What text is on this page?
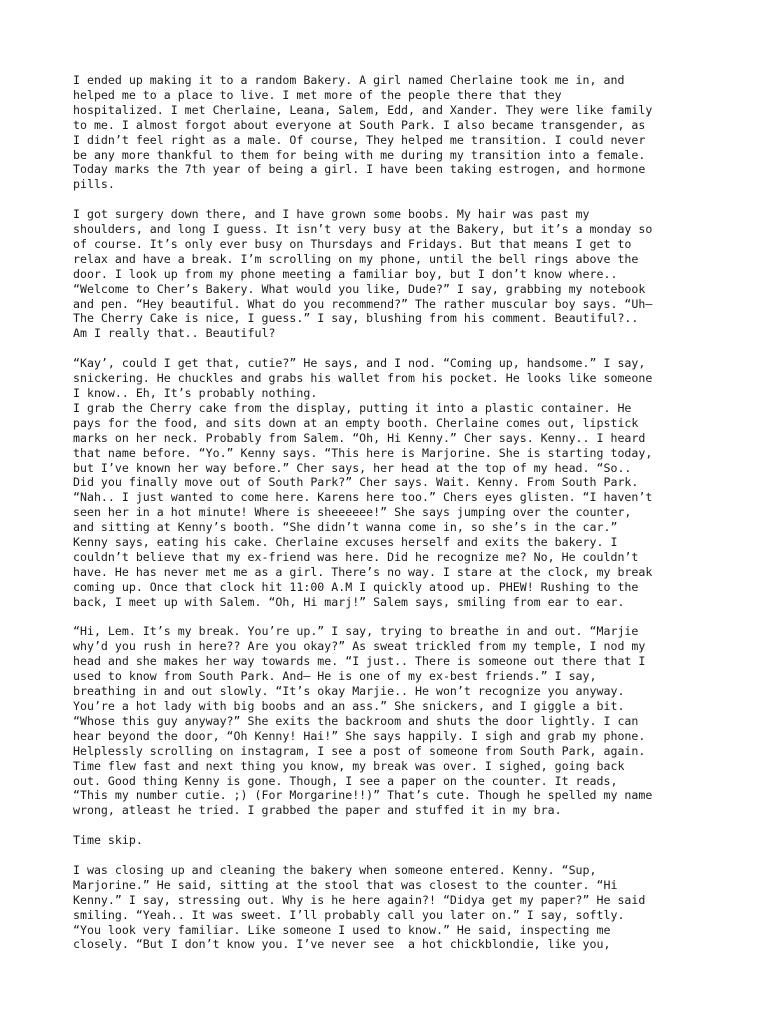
I ended up making it to a random Bakery. A girl named Cherlaine took me in, and
helped me to a place to live. I met more of the people there that they
hospitalized. I met Cherlaine, Leana, Salem, Edd, and Xander. They were like family
to me. I almost forgot about everyone at South Park. I also became transgender, as
I didn’t feel right as a male. Of course, They helped me transition. I could never
be any more thankful to them for being with me during my transition into a female.
Today marks the 7th year of being a girl. I have been taking estrogen, and hormone
pills.
I got surgery down there, and I have grown some boobs. My hair was past my
shoulders, and long I guess. It isn’t very busy at the Bakery, but it’s a monday so
of course. It’s only ever busy on Thursdays and Fridays. But that means I get to
relax and have a break. I’m scrolling on my phone, until the bell rings above the
door. I look up from my phone meeting a familiar boy, but I don’t know where..
“Welcome to Cher’s Bakery. What would you like, Dude?” I say, grabbing my notebook
and pen. “Hey beautiful. What do you recommend?” The rather muscular boy says. “Uh—
The Cherry Cake is nice, I guess.” I say, blushing from his comment. Beautiful?..
Am I really that.. Beautiful?
“Kay’, could I get that, cutie?” He says, and I nod. “Coming up, handsome.” I say,
snickering. He chuckles and grabs his wallet from his pocket. He looks like someone
I know.. Eh, It’s probably nothing.
I grab the Cherry cake from the display, putting it into a plastic container. He
pays for the food, and sits down at an empty booth. Cherlaine comes out, lipstick
marks on her neck. Probably from Salem. “Oh, Hi Kenny.” Cher says. Kenny.. I heard
that name before. “Yo.” Kenny says. “This here is Marjorine. She is starting today,
but I’ve known her way before.” Cher says, her head at the top of my head. “So..
Did you finally move out of South Park?” Cher says. Wait. Kenny. From South Park.
“Nah.. I just wanted to come here. Karens here too.” Chers eyes glisten. “I haven’t
seen her in a hot minute! Where is sheeeeee!” She says jumping over the counter,
and sitting at Kenny’s booth. “She didn’t wanna come in, so she’s in the car.”
Kenny says, eating his cake. Cherlaine excuses herself and exits the bakery. I
couldn’t believe that my ex-friend was here. Did he recognize me? No, He couldn’t
have. He has never met me as a girl. There’s no way. I stare at the clock, my break
coming up. Once that clock hit 11:00 A.M I quickly atood up. PHEW! Rushing to the
back, I meet up with Salem. “Oh, Hi marj!” Salem says, smiling from ear to ear.
“Hi, Lem. It’s my break. You’re up.” I say, trying to breathe in and out. “Marjie
why’d you rush in here?? Are you okay?” As sweat trickled from my temple, I nod my
head and she makes her way towards me. “I just.. There is someone out there that I
used to know from South Park. And— He is one of my ex-best friends.” I say,
breathing in and out slowly. “It’s okay Marjie.. He won’t recognize you anyway.
You’re a hot lady with big boobs and an ass.” She snickers, and I giggle a bit.
“Whose this guy anyway?” She exits the backroom and shuts the door lightly. I can
hear beyond the door, “Oh Kenny! Hai!” She says happily. I sigh and grab my phone.
Helplessly scrolling on instagram, I see a post of someone from South Park, again.
Time flew fast and next thing you know, my break was over. I sighed, going back
out. Good thing Kenny is gone. Though, I see a paper on the counter. It reads,
“This my number cutie. ;) (For Morgarine!!)” That’s cute. Though he spelled my name
wrong, atleast he tried. I grabbed the paper and stuffed it in my bra.
Time skip.
I was closing up and cleaning the bakery when someone entered. Kenny. “Sup,
Marjorine.” He said, sitting at the stool that was closest to the counter. “Hi
Kenny.” I say, stressing out. Why is he here again?! “Didya get my paper?” He said
smiling. “Yeah.. It was sweet. I’ll probably call you later on.” I say, softly.
“You look very familiar. Like someone I used to know.” He said, inspecting me
closely. “But I don’t know you. I’ve never see  a hot chickblondie, like you,
